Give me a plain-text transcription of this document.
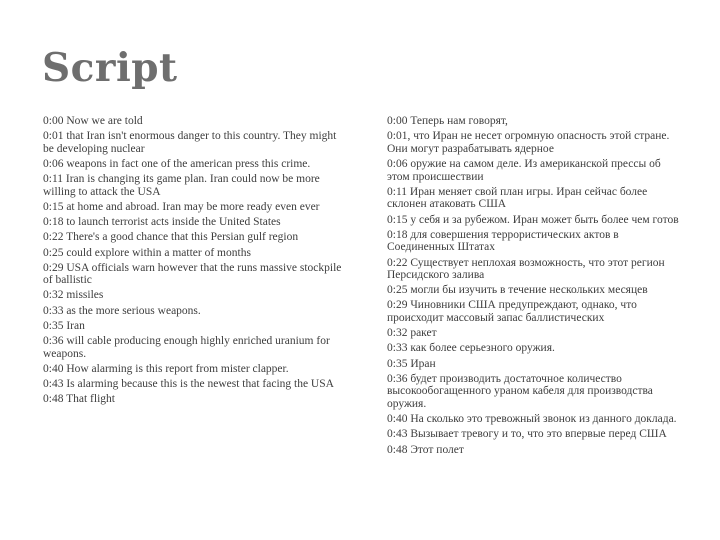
Script

0:00 Now we are told

0:01 that Iran isn't enormous danger to this country. They might be developing nuclear

0:06 weapons in fact one of the american press this crime.

0:11 Iran is changing its game plan. Iran could now be more willing to attack the USA

0:15 at home and abroad. Iran may be more ready even ever

0:18 to launch terrorist acts inside the United States

0:22 There's a good chance that this Persian gulf region

0:25 could explore within a matter of months

0:29 USA officials warn however that the runs massive stockpile of ballistic

0:32 missiles

0:33 as the more serious weapons.

0:35 Iran

0:36 will cable producing enough highly enriched uranium for weapons.

0:40 How alarming is this report from mister clapper.

0:43 Is alarming because this is the newest that facing the USA

0:48 That flight

0:00 Теперь нам говорят,

0:01, что Иран не несет огромную опасность этой стране. Они могут разрабатывать ядерное

0:06 оружие на самом деле. Из американской прессы об этом происшествии

0:11 Иран меняет свой план игры. Иран сейчас более склонен атаковать США

0:15 у себя и за рубежом. Иран может быть более чем готов

0:18 для совершения террористических актов в Соединенных Штатах

0:22 Существует неплохая возможность, что этот регион Персидского залива

0:25 могли бы изучить в течение нескольких месяцев

0:29 Чиновники США предупреждают, однако, что происходит массовый запас баллистических

0:32 ракет

0:33 как более серьезного оружия.

0:35 Иран

0:36 будет производить достаточное количество высокообогащенного ураном кабеля для производства оружия.

0:40 На сколько это тревожный звонок из данного доклада.

0:43 Вызывает тревогу и то, что это впервые перед США

0:48 Этот полет
